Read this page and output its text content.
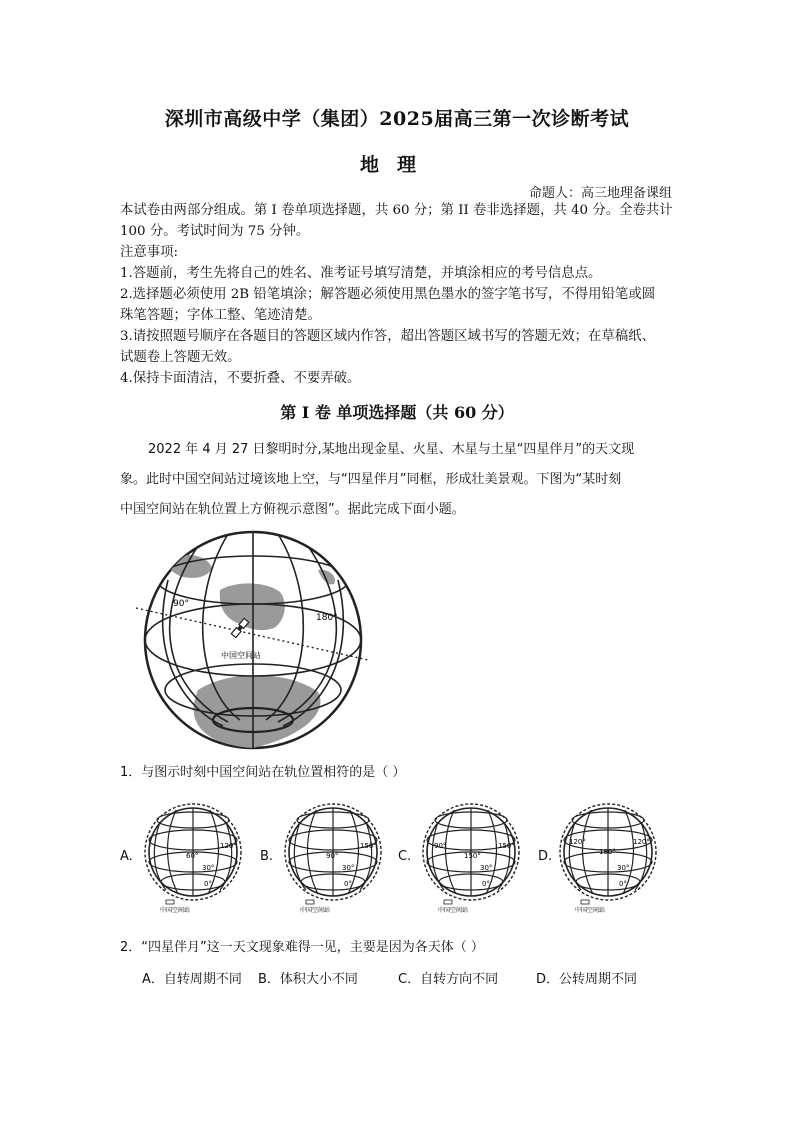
深圳市高级中学（集团）2025届高三第一次诊断考试
地理
命题人：高三地理备课组
本试卷由两部分组成。第 I 卷单项选择题，共 60 分；第 II 卷非选择题，共 40 分。全卷共计
100 分。考试时间为 75 分钟。
注意事项:
1.答题前，考生先将自己的姓名、准考证号填写清楚，并填涂相应的考号信息点。
2.选择题必须使用 2B 铅笔填涂；解答题必须使用黑色墨水的签字笔书写，不得用铅笔或圆
珠笔答题；字体工整、笔迹清楚。
3.请按照题号顺序在各题目的答题区域内作答，超出答题区域书写的答题无效；在草稿纸、
试题卷上答题无效。
4.保持卡面清洁，不要折叠、不要弄破。
第 I 卷 单项选择题（共 60 分）
2022 年 4 月 27 日黎明时分,某地出现金星、火星、木星与土星“四星伴月”的天文现
象。此时中国空间站过境该地上空，与“四星伴月”同框，形成壮美景观。下图为“某时刻
中国空间站在轨位置上方俯视示意图”。据此完成下面小题。
90°
180°
中国空间站
1．与图示时刻中国空间站在轨位置相符的是（ ）
A.
120°
60°
30°
0°
中国空间站
B.
150°
90°
30°
0°
中国空间站
C.
90°	150°
150°
30°
0°
中国空间站
D.
120°	120°
180°
30°
0°
中国空间站
2．“四星伴月”这一天文现象难得一见，主要是因为各天体（ ）
A．自转周期不同 B．体积大小不同	C．自转方向不同	D．公转周期不同
